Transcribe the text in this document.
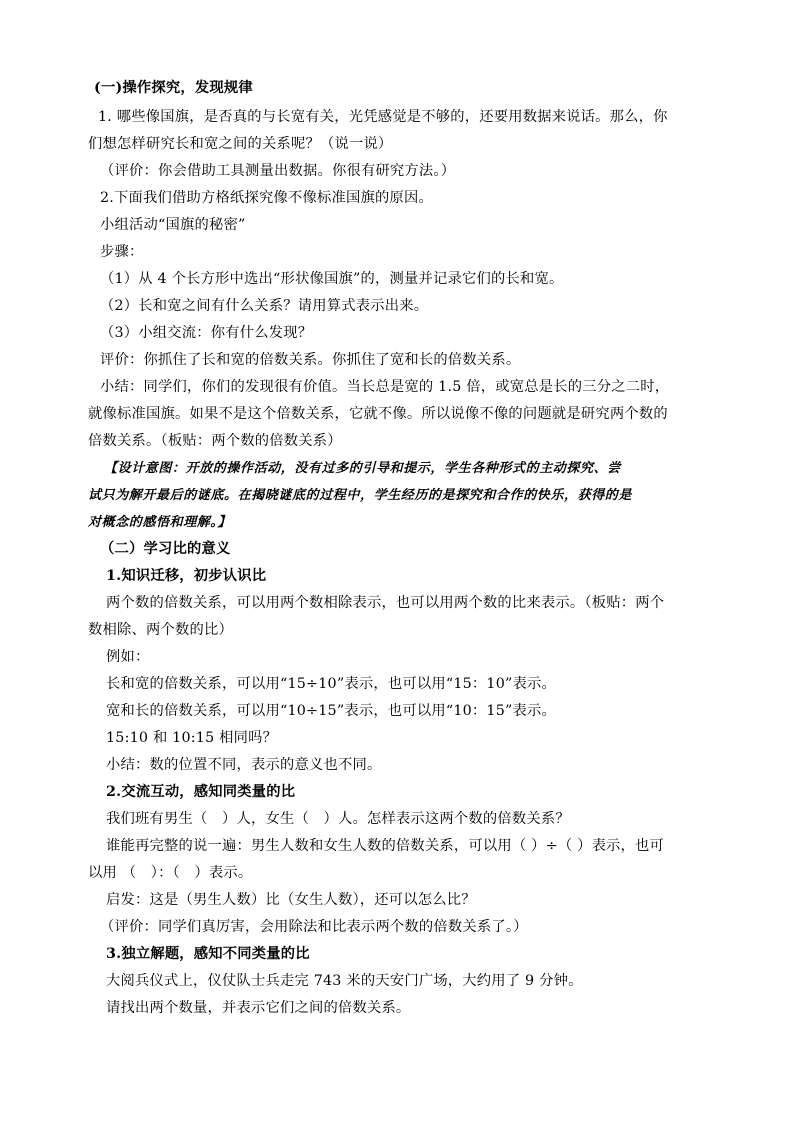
(一)操作探究，发现规律
1. 哪些像国旗，是否真的与长宽有关，光凭感觉是不够的，还要用数据来说话。那么，你
们想怎样研究长和宽之间的关系呢？（说一说）
（评价：你会借助工具测量出数据。你很有研究方法。）
2.下面我们借助方格纸探究像不像标准国旗的原因。
小组活动“国旗的秘密”
步骤：
（1）从 4 个长方形中选出“形状像国旗”的，测量并记录它们的长和宽。
（2）长和宽之间有什么关系？请用算式表示出来。
（3）小组交流：你有什么发现？
评价：你抓住了长和宽的倍数关系。你抓住了宽和长的倍数关系。
小结：同学们，你们的发现很有价值。当长总是宽的 1.5 倍，或宽总是长的三分之二时，
就像标准国旗。如果不是这个倍数关系，它就不像。所以说像不像的问题就是研究两个数的
倍数关系。（板贴：两个数的倍数关系）
【设计意图：开放的操作活动，没有过多的引导和提示，学生各种形式的主动探究、尝
试只为解开最后的谜底。在揭晓谜底的过程中，学生经历的是探究和合作的快乐，获得的是
对概念的感悟和理解。】
（二）学习比的意义
1.知识迁移，初步认识比
两个数的倍数关系，可以用两个数相除表示，也可以用两个数的比来表示。（板贴：两个
数相除、两个数的比）
例如：
长和宽的倍数关系，可以用“15÷10”表示，也可以用“15：10”表示。
宽和长的倍数关系，可以用“10÷15”表示，也可以用“10：15”表示。
15:10 和 10:15 相同吗？
小结：数的位置不同，表示的意义也不同。
2.交流互动，感知同类量的比
我们班有男生（　）人，女生（　）人。怎样表示这两个数的倍数关系？
谁能再完整的说一遍：男生人数和女生人数的倍数关系，可以用（ ）÷（ ）表示，也可
以用 （　）：（　）表示。
启发：这是（男生人数）比（女生人数），还可以怎么比？
（评价：同学们真厉害，会用除法和比表示两个数的倍数关系了。）
3.独立解题，感知不同类量的比
大阅兵仪式上，仪仗队士兵走完 743 米的天安门广场，大约用了 9 分钟。
请找出两个数量，并表示它们之间的倍数关系。
